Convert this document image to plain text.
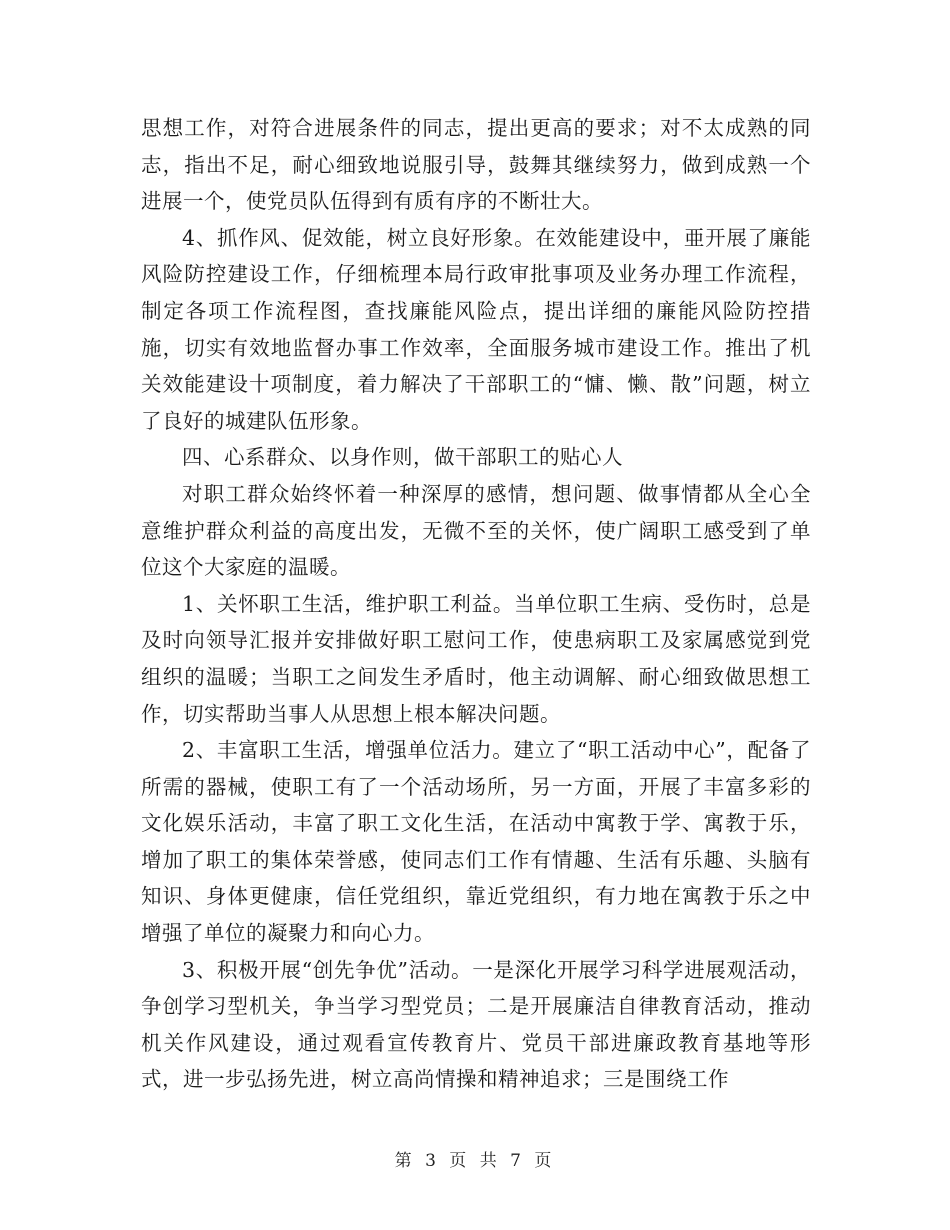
思想工作，对符合进展条件的同志，提出更高的要求；对不太成熟的同志，指出不足，耐心细致地说服引导，鼓舞其继续努力，做到成熟一个进展一个，使党员队伍得到有质有序的不断壮大。

4、抓作风、促效能，树立良好形象。在效能建设中，亜开展了廉能风险防控建设工作，仔细梳理本局行政审批事项及业务办理工作流程，制定各项工作流程图，查找廉能风险点，提出详细的廉能风险防控措施，切实有效地监督办事工作效率，全面服务城市建设工作。推出了机关效能建设十项制度，着力解决了干部职工的“慵、懒、散”问题，树立了良好的城建队伍形象。

四、心系群众、以身作则，做干部职工的贴心人

对职工群众始终怀着一种深厚的感情，想问题、做事情都从全心全意维护群众利益的高度出发，无微不至的关怀，使广阔职工感受到了单位这个大家庭的温暖。

1、关怀职工生活，维护职工利益。当单位职工生病、受伤时，总是及时向领导汇报并安排做好职工慰问工作，使患病职工及家属感觉到党组织的温暖；当职工之间发生矛盾时，他主动调解、耐心细致做思想工作，切实帮助当事人从思想上根本解决问题。

2、丰富职工生活，增强单位活力。建立了“职工活动中心”，配备了所需的器械，使职工有了一个活动场所，另一方面，开展了丰富多彩的文化娱乐活动，丰富了职工文化生活，在活动中寓教于学、寓教于乐，增加了职工的集体荣誉感，使同志们工作有情趣、生活有乐趣、头脑有知识、身体更健康，信任党组织，靠近党组织，有力地在寓教于乐之中增强了单位的凝聚力和向心力。

3、积极开展“创先争优”活动。一是深化开展学习科学进展观活动，争创学习型机关，争当学习型党员；二是开展廉洁自律教育活动，推动机关作风建设，通过观看宣传教育片、党员干部进廉政教育基地等形式，进一步弘扬先进，树立高尚情操和精神追求；三是围绕工作

第 3 页 共 7 页
